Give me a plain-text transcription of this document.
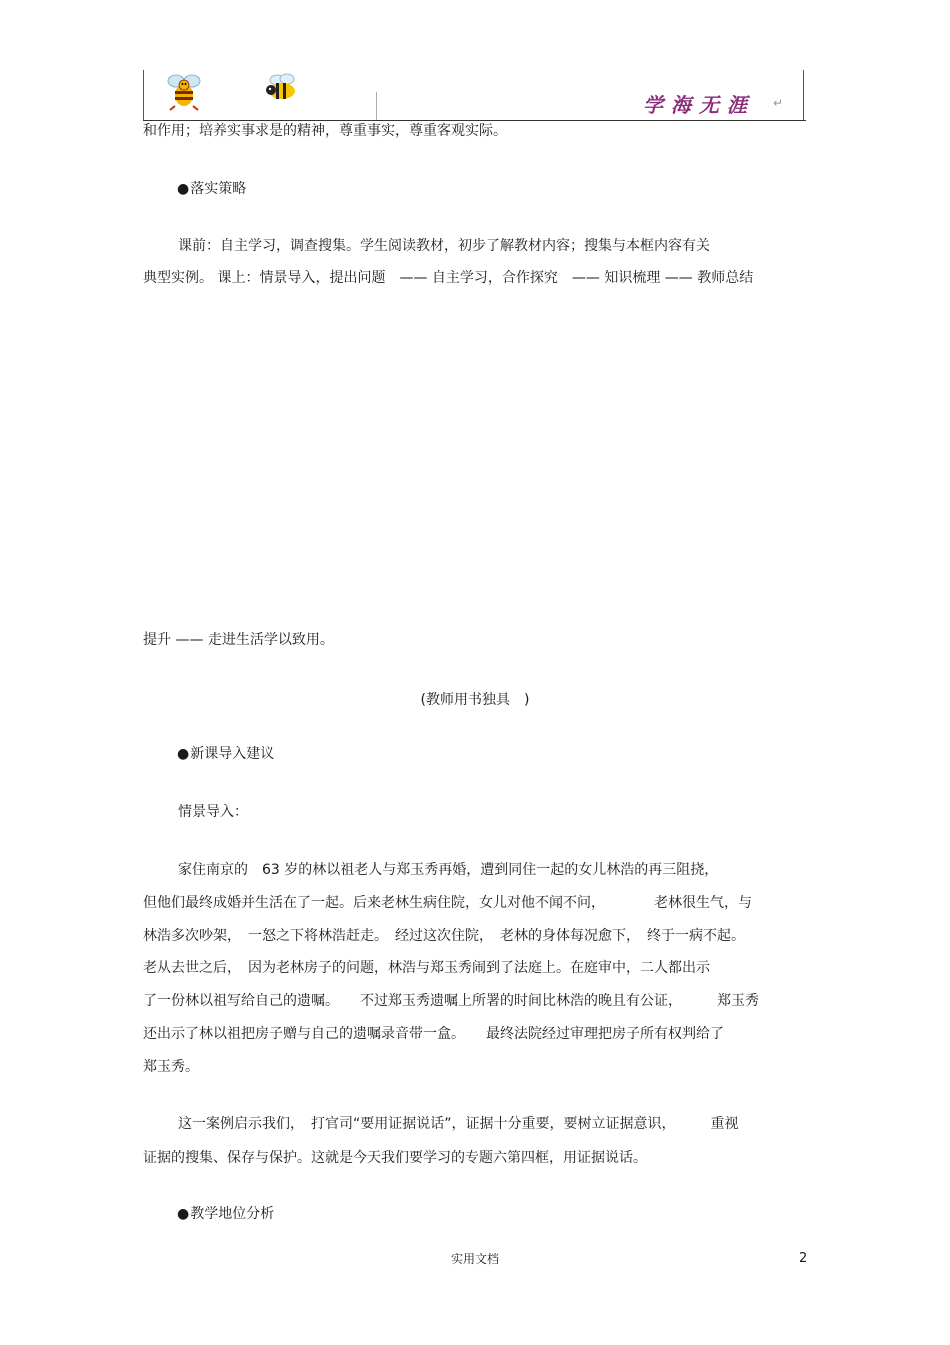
学海无涯 ↵
和作用；培养实事求是的精神，尊重事实，尊重客观实际。
● 落实策略
课前：自主学习，调查搜集。学生阅读教材，初步了解教材内容；搜集与本框内容有关
典型实例。 课上：情景导入，提出问题　—— 自主学习，合作探究　—— 知识梳理 —— 教师总结
提升 —— 走进生活学以致用。
(教师用书独具　)
● 新课导入建议
情景导入：
家住南京的　63 岁的林以祖老人与郑玉秀再婚，遭到同住一起的女儿林浩的再三阻挠，
但他们最终成婚并生活在了一起。后来老林生病住院，女儿对他不闻不问，　　　　老林很生气，与
林浩多次吵架，　一怒之下将林浩赶走。　经过这次住院，　老林的身体每况愈下，　终于一病不起。
老从去世之后，　因为老林房子的问题，林浩与郑玉秀闹到了法庭上。在庭审中，二人都出示
了一份林以祖写给自己的遗嘱。　　不过郑玉秀遗嘱上所署的时间比林浩的晚且有公证，　　　郑玉秀
还出示了林以祖把房子赠与自己的遗嘱录音带一盒。　　最终法院经过审理把房子所有权判给了
郑玉秀。
这一案例启示我们，　打官司“要用证据说话”，证据十分重要，要树立证据意识，　　　重视
证据的搜集、保存与保护。这就是今天我们要学习的专题六第四框，用证据说话。
● 教学地位分析
实用文档	2
